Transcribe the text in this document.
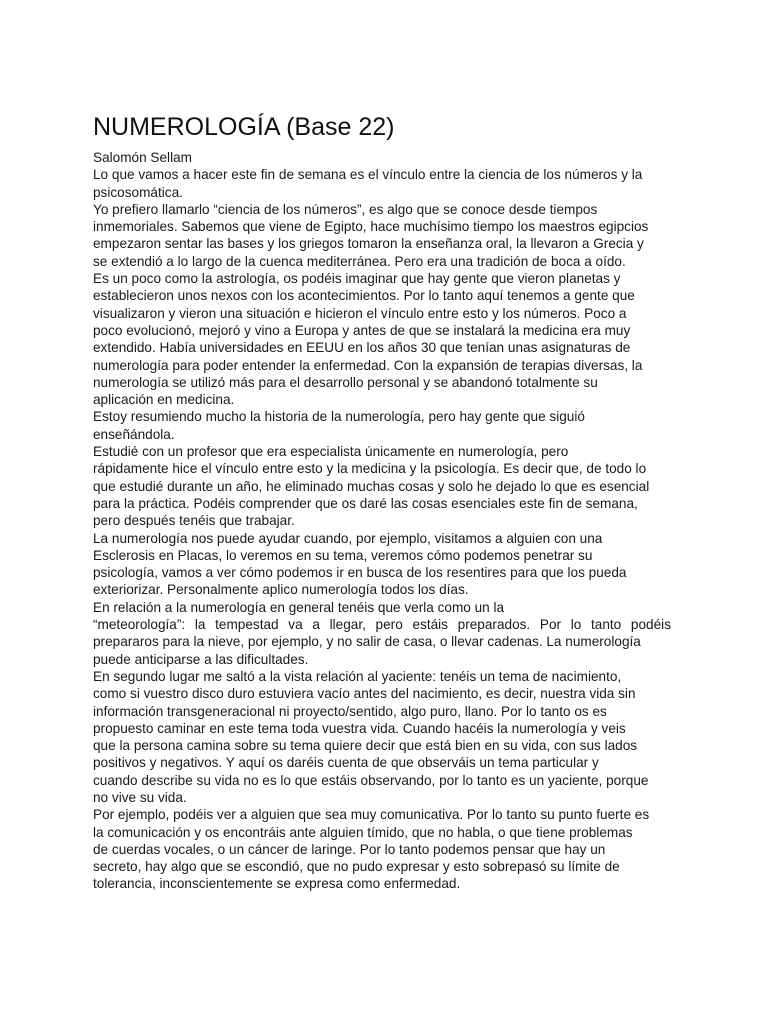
NUMEROLOGÍA (Base 22)
Salomón Sellam
Lo que vamos a hacer este fin de semana es el vínculo entre la ciencia de los números y la
psicosomática.
Yo prefiero llamarlo “ciencia de los números”, es algo que se conoce desde tiempos
inmemoriales. Sabemos que viene de Egipto, hace muchísimo tiempo los maestros egipcios
empezaron sentar las bases y los griegos tomaron la enseñanza oral, la llevaron a Grecia y
se extendió a lo largo de la cuenca mediterránea. Pero era una tradición de boca a oído.
Es un poco como la astrología, os podéis imaginar que hay gente que vieron planetas y
establecieron unos nexos con los acontecimientos. Por lo tanto aquí tenemos a gente que
visualizaron y vieron una situación e hicieron el vínculo entre esto y los números. Poco a
poco evolucionó, mejoró y vino a Europa y antes de que se instalará la medicina era muy
extendido. Había universidades en EEUU en los años 30 que tenían unas asignaturas de
numerología para poder entender la enfermedad. Con la expansión de terapias diversas, la
numerología se utilizó más para el desarrollo personal y se abandonó totalmente su
aplicación en medicina.
Estoy resumiendo mucho la historia de la numerología, pero hay gente que siguió
enseñándola.
Estudié con un profesor que era especialista únicamente en numerología, pero
rápidamente hice el vínculo entre esto y la medicina y la psicología. Es decir que, de todo lo
que estudié durante un año, he eliminado muchas cosas y solo he dejado lo que es esencial
para la práctica. Podéis comprender que os daré las cosas esenciales este fin de semana,
pero después tenéis que trabajar.
La numerología nos puede ayudar cuando, por ejemplo, visitamos a alguien con una
Esclerosis en Placas, lo veremos en su tema, veremos cómo podemos penetrar su
psicología, vamos a ver cómo podemos ir en busca de los resentires para que los pueda
exteriorizar. Personalmente aplico numerología todos los días.
En relación a la numerología en general tenéis que verla como un la
“meteorología”: la tempestad va a llegar, pero estáis preparados. Por lo tanto podéis
prepararos para la nieve, por ejemplo, y no salir de casa, o llevar cadenas. La numerología
puede anticiparse a las dificultades.
En segundo lugar me saltó a la vista relación al yaciente: tenéis un tema de nacimiento,
como si vuestro disco duro estuviera vacío antes del nacimiento, es decir, nuestra vida sin
información transgeneracional ni proyecto/sentido, algo puro, llano. Por lo tanto os es
propuesto caminar en este tema toda vuestra vida. Cuando hacéis la numerología y veis
que la persona camina sobre su tema quiere decir que está bien en su vida, con sus lados
positivos y negativos. Y aquí os daréis cuenta de que observáis un tema particular y
cuando describe su vida no es lo que estáis observando, por lo tanto es un yaciente, porque
no vive su vida.
Por ejemplo, podéis ver a alguien que sea muy comunicativa. Por lo tanto su punto fuerte es
la comunicación y os encontráis ante alguien tímido, que no habla, o que tiene problemas
de cuerdas vocales, o un cáncer de laringe. Por lo tanto podemos pensar que hay un
secreto, hay algo que se escondió, que no pudo expresar y esto sobrepasó su límite de
tolerancia, inconscientemente se expresa como enfermedad.
